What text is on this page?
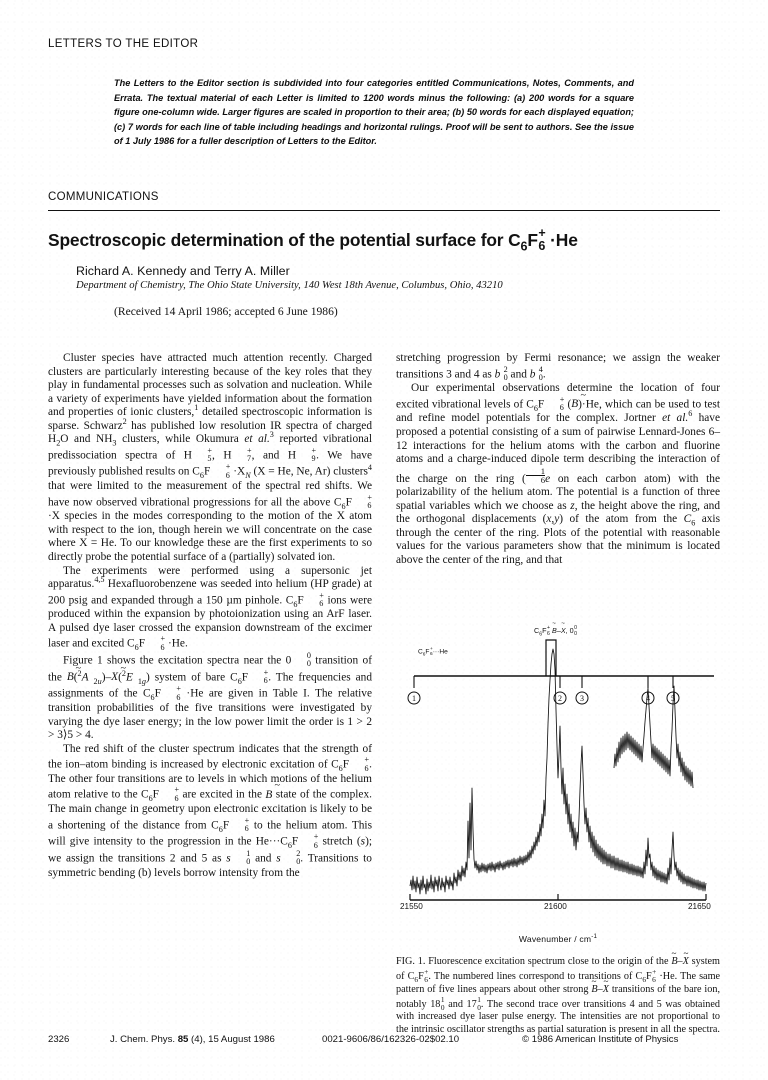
LETTERS TO THE EDITOR

The Letters to the Editor section is subdivided into four categories entitled Communications, Notes, Comments, and Errata. The textual material of each Letter is limited to 1200 words minus the following: (a) 200 words for a square figure one-column wide. Larger figures are scaled in proportion to their area; (b) 50 words for each displayed equation; (c) 7 words for each line of table including headings and horizontal rulings. Proof will be sent to authors. See the issue of 1 July 1986 for a fuller description of Letters to the Editor.

COMMUNICATIONS
Spectroscopic determination of the potential surface for $C_6F$ +
6 ·He
Richard A. Kennedy and Terry A. Miller
Department of Chemistry, The Ohio State University, 140 West 18th Avenue, Columbus, Ohio, 43210
(Received 14 April 1986; accepted 6 June 1986)

Cluster species have attracted much attention recently. Charged clusters are particularly interesting because of the key roles that they play in fundamental processes such as solvation and nucleation. While a variety of experiments have yielded information about the formation and properties of ionic clusters,$^1$ detailed spectroscopic information is sparse. Schwarz$^2$ has published low resolution IR spectra of charged $H_2O$ and $NH_3$ clusters, while Okumura et al.$^3$ reported vibrational predissociation spectra of H	+
5 , H	+
7 , and H	+
9 . We have previously published results on $C_6F$	+
$6 \cdot X_N$ (X = He, Ne, Ar) clusters$^4$ that were limited to the measurement of the spectral red shifts. We have now observed vibrational progressions for all the above $C_6F$	+
6
·X species in the modes corresponding to the motion of the X atom with respect to the ion, though herein we will concentrate on the case where X = He. To our knowledge these are the first experiments to so directly probe the potential surface of a (partially) solvated ion.

The experiments were performed using a supersonic jet apparatus.$^{4,5}$ Hexafluorobenzene was seeded into helium (HP grade) at 200 psig and expanded through a 150 µm pinhole. $C_6F$	+
6 ions were produced within the expansion by photoionization using an ArF laser. A pulsed dye laser crossed the expansion downstream of the excimer laser and excited $C_6F$	+
6 ·He.

Figure 1 shows the excitation spectra near the 0	0
0 transition of the B ~($^2$A $_{2u}$)–X ~($^2$E $_{1g}$) system of bare $C_6F$	+
6 . The frequencies and assignments of the $C_6F$	+
6 ·He are given in Table I. The relative transition probabilities of the five transitions were investigated by varying the dye laser energy; in the low power limit the order is 1 > 2 > 3⟩5 > 4.

The red shift of the cluster spectrum indicates that the strength of the ion–atom binding is increased by electronic excitation of $C_6F$	+
6 . The other four transitions are to levels in which motions of the helium atom relative to the $C_6F$	+
6 are excited in the B ~ state of the complex. The main change in geometry upon electronic excitation is likely to be a shortening of the distance from $C_6F$	+
6 to the helium atom. This will give intensity to the progression in the $He\cdot\cdot\cdot C_6F$	+
6 stretch (s); we assign the transitions 2 and 5 as s	1
0 and s	2
0 . Transitions to symmetric bending (b) levels borrow intensity from the

stretching progression by Fermi resonance; we assign the weaker transitions 3 and 4 as b 2
0 and b 4
0 .

Our experimental observations determine the location of four excited vibrational levels of $C_6F$	+
6 (B ~)·He, which can be used to test and refine model potentials for the complex. Jortner et al.$^6$ have proposed a potential consisting of a sum of pairwise Lennard-Jones 6–12 interactions for the helium atoms with the carbon and fluorine atoms and a charge-induced dipole term describing the interaction of the charge on the ring ( $\frac{1}{6}$ e on each carbon atom) with the polarizability of the helium atom. The potential is a function of three spatial variables which we choose as z, the height above the ring, and the orthogonal displacements (x,y) of the atom from the $C_6$ axis through the center of the ring. Plots of the potential with reasonable values for the various parameters show that the minimum is located above the center of the ring, and that

$C_6F$ +
6 ···He
$C_6F$ +
6 B ~–X ~, 0 0
0
1	2 3	4	5
21550	21600	21650
Wavenumber / $cm^{-1}$

FIG. 1. Fluorescence excitation spectrum close to the origin of the B ~–X ~ system of $C_6F$ +
6 . The numbered lines correspond to transitions of $C_6F$ +
6 ·He. The same pattern of five lines appears about other strong B ~–X ~ transitions of the bare ion, notably 18 1
0 and 17 1
0 . The second trace over transitions 4 and 5 was obtained with increased dye laser pulse energy. The intensities are not proportional to the intrinsic oscillator strengths as partial saturation is present in all the spectra.

2326	J. Chem. Phys. 85 (4), 15 August 1986	0021-9606/86/162326-02$02.10	© 1986 American Institute of Physics
